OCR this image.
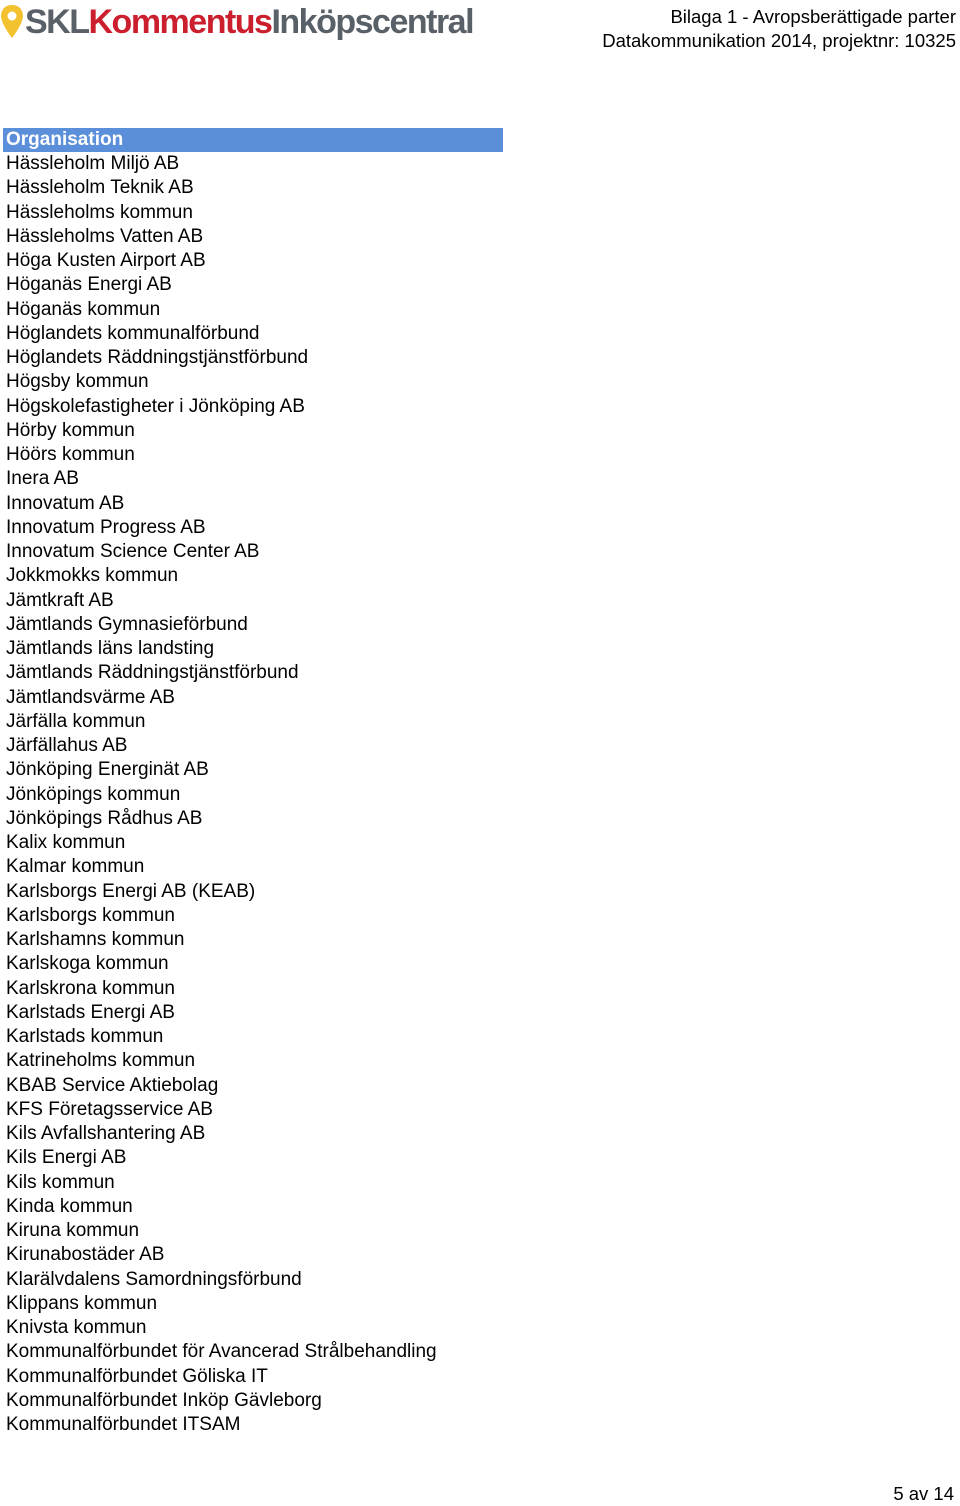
SKLKommentusInköpscentral	Bilaga 1 - Avropsberättigade parter
Datakommunikation 2014, projektnr: 10325
Organisation
Hässleholm Miljö AB
Hässleholm Teknik AB
Hässleholms kommun
Hässleholms Vatten AB
Höga Kusten Airport AB
Höganäs Energi AB
Höganäs kommun
Höglandets kommunalförbund
Höglandets Räddningstjänstförbund
Högsby kommun
Högskolefastigheter i Jönköping AB
Hörby kommun
Höörs kommun
Inera AB
Innovatum AB
Innovatum Progress AB
Innovatum Science Center AB
Jokkmokks kommun
Jämtkraft AB
Jämtlands Gymnasieförbund
Jämtlands läns landsting
Jämtlands Räddningstjänstförbund
Jämtlandsvärme AB
Järfälla kommun
Järfällahus AB
Jönköping Energinät AB
Jönköpings kommun
Jönköpings Rådhus AB
Kalix kommun
Kalmar kommun
Karlsborgs Energi AB (KEAB)
Karlsborgs kommun
Karlshamns kommun
Karlskoga kommun
Karlskrona kommun
Karlstads Energi AB
Karlstads kommun
Katrineholms kommun
KBAB Service Aktiebolag
KFS Företagsservice AB
Kils Avfallshantering AB
Kils Energi AB
Kils kommun
Kinda kommun
Kiruna kommun
Kirunabostäder AB
Klarälvdalens Samordningsförbund
Klippans kommun
Knivsta kommun
Kommunalförbundet för Avancerad Strålbehandling
Kommunalförbundet Göliska IT
Kommunalförbundet Inköp Gävleborg
Kommunalförbundet ITSAM
5 av 14
